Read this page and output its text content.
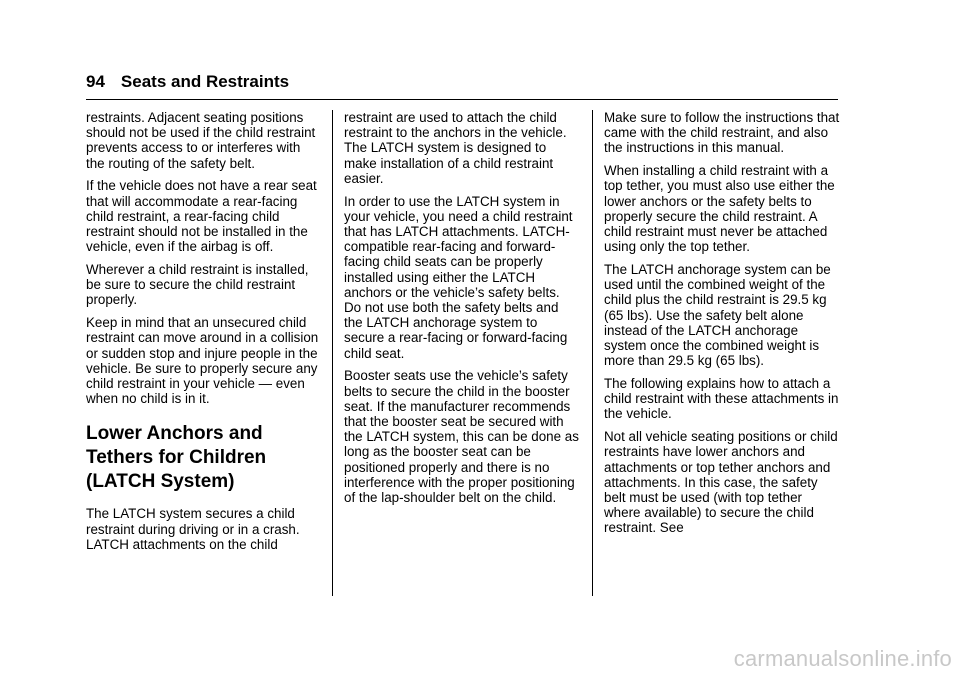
94 Seats and Restraints

restraints. Adjacent seating positions should not be used if the child restraint prevents access to or interferes with the routing of the safety belt.

If the vehicle does not have a rear seat that will accommodate a rear-facing child restraint, a rear-facing child restraint should not be installed in the vehicle, even if the airbag is off.

Wherever a child restraint is installed, be sure to secure the child restraint properly.

Keep in mind that an unsecured child restraint can move around in a collision or sudden stop and injure people in the vehicle. Be sure to properly secure any child restraint in your vehicle — even when no child is in it.

Lower Anchors and Tethers for Children (LATCH System)

The LATCH system secures a child restraint during driving or in a crash. LATCH attachments on the child

restraint are used to attach the child restraint to the anchors in the vehicle. The LATCH system is designed to make installation of a child restraint easier.

In order to use the LATCH system in your vehicle, you need a child restraint that has LATCH attachments. LATCH-compatible rear-facing and forward-facing child seats can be properly installed using either the LATCH anchors or the vehicle’s safety belts. Do not use both the safety belts and the LATCH anchorage system to secure a rear-facing or forward-facing child seat.

Booster seats use the vehicle’s safety belts to secure the child in the booster seat. If the manufacturer recommends that the booster seat be secured with the LATCH system, this can be done as long as the booster seat can be positioned properly and there is no interference with the proper positioning of the lap-shoulder belt on the child.

Make sure to follow the instructions that came with the child restraint, and also the instructions in this manual.

When installing a child restraint with a top tether, you must also use either the lower anchors or the safety belts to properly secure the child restraint. A child restraint must never be attached using only the top tether.

The LATCH anchorage system can be used until the combined weight of the child plus the child restraint is 29.5 kg (65 lbs). Use the safety belt alone instead of the LATCH anchorage system once the combined weight is more than 29.5 kg (65 lbs).

The following explains how to attach a child restraint with these attachments in the vehicle.

Not all vehicle seating positions or child restraints have lower anchors and attachments or top tether anchors and attachments. In this case, the safety belt must be used (with top tether where available) to secure the child restraint. See

carmanualsonline.info
